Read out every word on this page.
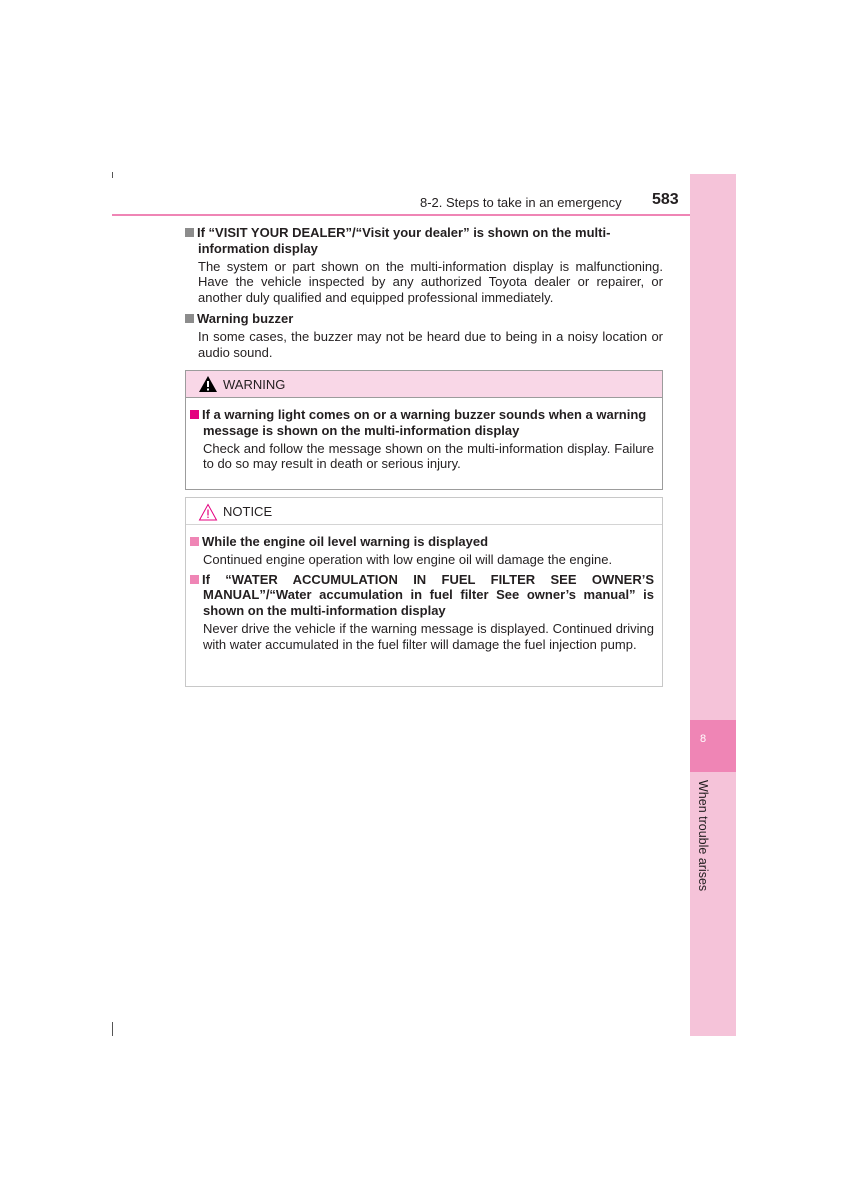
8
When trouble arises
8-2. Steps to take in an emergency 583

If “VISIT YOUR DEALER”/“Visit your dealer” is shown on the multi-information display

The system or part shown on the multi-information display is malfunctioning. Have the vehicle inspected by any authorized Toyota dealer or repairer, or another duly qualified and equipped professional immediately.

Warning buzzer

In some cases, the buzzer may not be heard due to being in a noisy location or audio sound.

WARNING

If a warning light comes on or a warning buzzer sounds when a warning message is shown on the multi-information display

Check and follow the message shown on the multi-information display. Failure to do so may result in death or serious injury.

NOTICE

While the engine oil level warning is displayed

Continued engine operation with low engine oil will damage the engine.

If “WATER ACCUMULATION IN FUEL FILTER SEE OWNER’S MANUAL”/“Water accumulation in fuel filter See owner’s manual” is shown on the multi-information display

Never drive the vehicle if the warning message is displayed. Continued driving with water accumulated in the fuel filter will damage the fuel injection pump.
